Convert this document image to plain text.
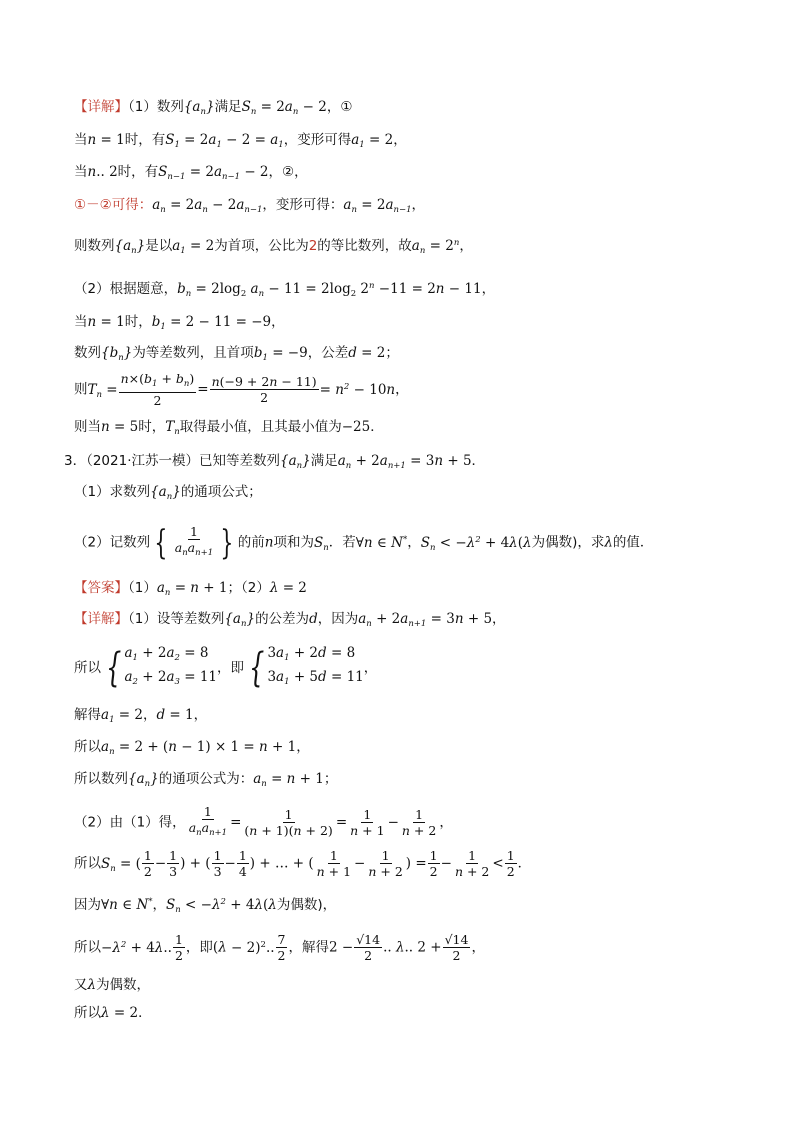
【详解】（1）数列$\{a_n\}$满足$S_n = 2a_n - 2$，①
当n = 1时，有$S_1 = 2a_1 - 2 = a_1$，变形可得$a_1 = 2$，
当n.. 2时，有$S_{n-1} = 2a_{n-1} - 2$，②，
①－②可得：$a_n = 2a_n - 2a_{n-1}$，变形可得：$a_n = 2a_{n-1}$，
则数列$\{a_n\}$是以$a_1 = 2$为首项，公比为2的等比数列，故$a_n = 2^n$，
（2）根据题意，$b_n = 2\log_2$ $a_n - 11 = 2\log_2$ $2^n -11 = 2n - 11$，
当n = 1时，$b_1 = 2 - 11 = -9$，
数列$\{b_n\}$为等差数列，且首项$b_1 = -9$，公差d = 2；
则$T_n = \frac{n\times(b_1 + b_n)}{2} = \frac{n(-9 + 2n - 11)}{2} = n^2 - 10n$，
则当n = 5时，$T_n$取得最小值，且其最小值为−25．
3．（2021·江苏一模）已知等差数列$\{a_n\}$满足$a_n + 2a_{n+1} = 3n + 5$．
（1）求数列$\{a_n\}$的通项公式；
（2）记数列 { $\frac{1}{a_na_{n+1}}$ } 的前n项和为$S_n$．若∀n ∈ N*，$S_n < -\lambda^2 + 4\lambda(\lambda$为偶数)，求λ的值．
【答案】$(1)a_n = n + 1$；（2）λ = 2
【详解】（1）设等差数列$\{a_n\}$的公差为d，因为$a_n + 2a_{n+1} = 3n + 5$，
所以 { $a_1 + 2a_2 = 8$
$a_2 + 2a_3 = 11$
，即 { $3a_1 + 2d = 8$
$3a_1 + 5d = 11$
，
解得$a_1 = 2$，d = 1，
所以$a_n = 2 + (n - 1) \times 1 = n + 1$，
所以数列$\{a_n\}$的通项公式为：$a_n = n + 1$；
（2）由（1）得， $\frac{1}{a_na_{n+1}} = \frac{1}{(n + 1)(n + 2)} = \frac{1}{n + 1} - \frac{1}{n + 2}$ ，
所以$S_n$ = ( $\frac{1}{2} - \frac{1}{3}$ ) + ( $\frac{1}{3} - \frac{1}{4}$ ) + … + ( $\frac{1}{n + 1} - \frac{1}{n + 2}$ ) = $\frac{1}{2} - \frac{1}{n + 2} < \frac{1}{2}$ ．
因为∀n ∈ N*，$S_n < -\lambda^2 + 4\lambda(\lambda$为偶数)，
所以$-\lambda^2 + 4\lambda$.. $\frac{1}{2}$ ，即$(\lambda - 2)^2$.. $\frac{7}{2}$ ，解得$2 - \frac{√14}{2}$ .. λ.. $2 + \frac{√14}{2}$ ，
又λ为偶数，
所以λ = 2．
